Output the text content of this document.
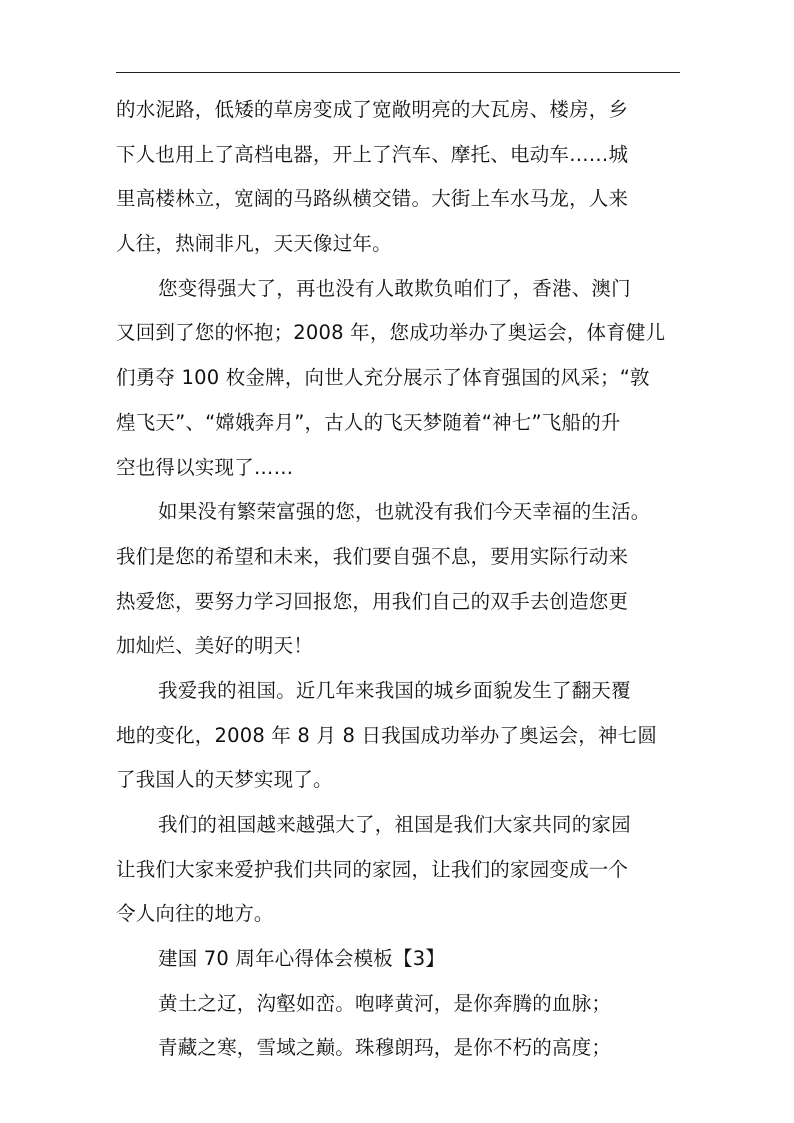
的水泥路，低矮的草房变成了宽敞明亮的大瓦房、楼房，乡
下人也用上了高档电器，开上了汽车、摩托、电动车……城
里高楼林立，宽阔的马路纵横交错。大街上车水马龙，人来
人往，热闹非凡，天天像过年。
您变得强大了，再也没有人敢欺负咱们了，香港、澳门
又回到了您的怀抱；2008 年，您成功举办了奥运会，体育健儿
们勇夺 100 枚金牌，向世人充分展示了体育强国的风采；“敦
煌飞天”、“嫦娥奔月”，古人的飞天梦随着“神七”飞船的升
空也得以实现了……
如果没有繁荣富强的您，也就没有我们今天幸福的生活。
我们是您的希望和未来，我们要自强不息，要用实际行动来
热爱您，要努力学习回报您，用我们自己的双手去创造您更
加灿烂、美好的明天！
我爱我的祖国。近几年来我国的城乡面貌发生了翻天覆
地的变化，2008 年 8 月 8 日我国成功举办了奥运会，神七圆
了我国人的天梦实现了。
我们的祖国越来越强大了，祖国是我们大家共同的家园
让我们大家来爱护我们共同的家园，让我们的家园变成一个
令人向往的地方。
建国 70 周年心得体会模板【3】
黄土之辽，沟壑如峦。咆哮黄河，是你奔腾的血脉；
青藏之寒，雪域之巅。珠穆朗玛，是你不朽的高度；
